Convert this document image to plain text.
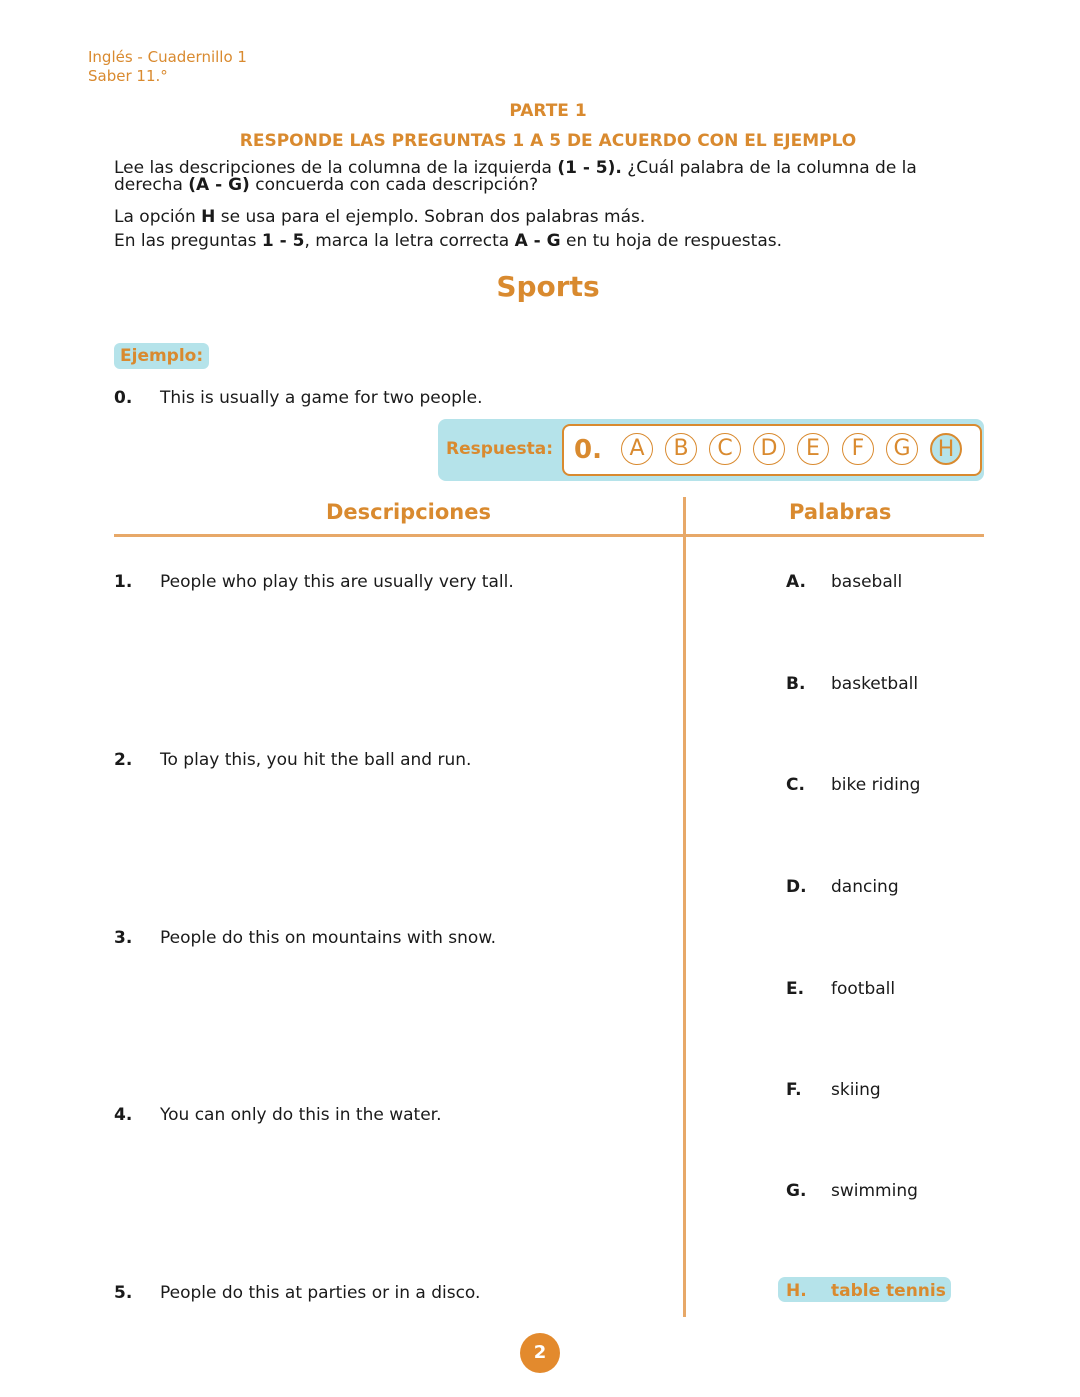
Inglés - Cuadernillo 1
Saber 11.°
PARTE 1
RESPONDE LAS PREGUNTAS 1 A 5 DE ACUERDO CON EL EJEMPLO
Lee las descripciones de la columna de la izquierda (1 - 5). ¿Cuál palabra de la columna de la derecha (A - G) concuerda con cada descripción?
La opción H se usa para el ejemplo. Sobran dos palabras más.
En las preguntas 1 - 5, marca la letra correcta A - G en tu hoja de respuestas.
Sports
Ejemplo:
0. This is usually a game for two people.
Respuesta: 0.	A	B	C	D	E	F	G	H
Descripciones	Palabras
1. People who play this are usually very tall.
2. To play this, you hit the ball and run.
3. People do this on mountains with snow.
4. You can only do this in the water.
5. People do this at parties or in a disco.
A. baseball
B. basketball
C. bike riding
D. dancing
E. football
F. skiing
G. swimming
H. table tennis
2
